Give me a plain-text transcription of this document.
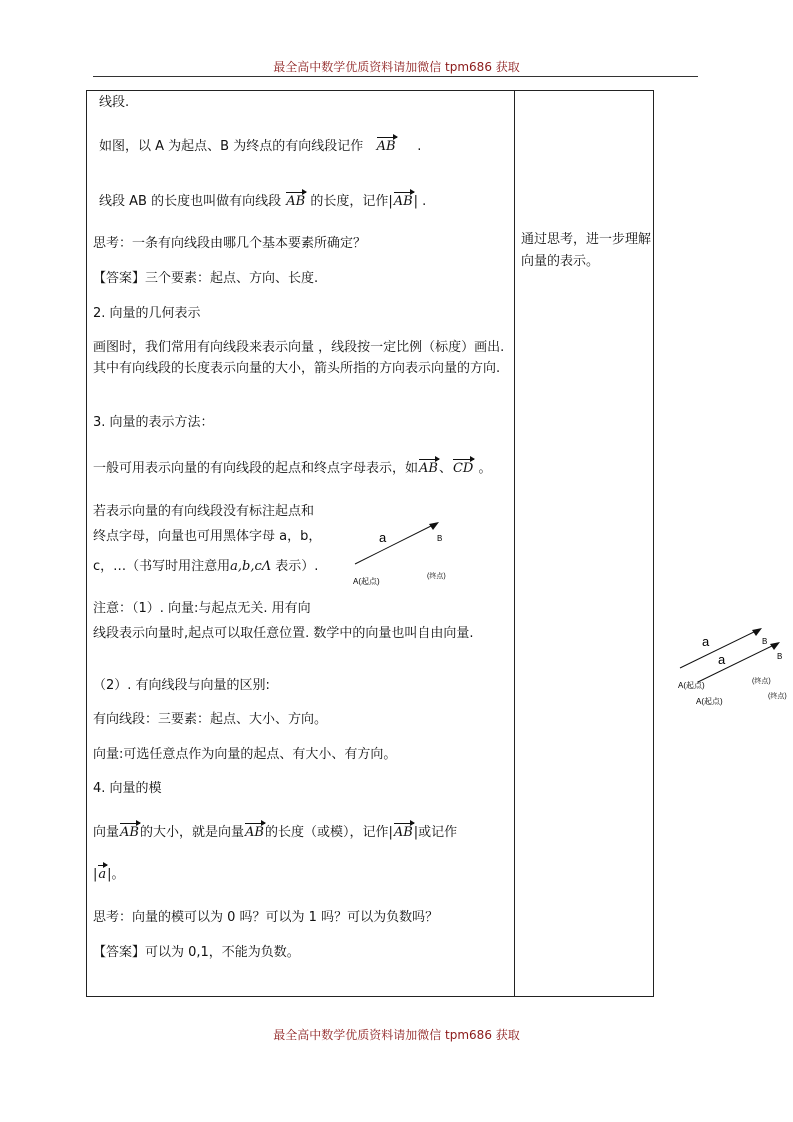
最全高中数学优质资料请加微信 tpm686 获取
线段.
如图，以 A 为起点、B 为终点的有向线段记作 AB .
线段 AB 的长度也叫做有向线段 AB 的长度，记作|AB| .
思考：一条有向线段由哪几个基本要素所确定？
【答案】三个要素：起点、方向、长度.
2. 向量的几何表示
画图时，我们常用有向线段来表示向量 ，线段按一定比例（标度）画出. 其中有向线段的长度表示向量的大小，箭头所指的方向表示向量的方向.
3. 向量的表示方法：
一般可用表示向量的有向线段的起点和终点字母表示，如AB、CD 。
若表示向量的有向线段没有标注起点和
终点字母，向量也可用黑体字母 a，b，
c，…（书写时用注意用a,b,cΛ 表示）.
a	B
A(起点)
(终点)
注意：（1）. 向量:与起点无关. 用有向
线段表示向量时,起点可以取任意位置. 数学中的向量也叫自由向量.
（2）. 有向线段与向量的区别:
有向线段：三要素：起点、大小、方向。
向量:可选任意点作为向量的起点、有大小、有方向。
4. 向量的模
向量AB的大小，就是向量AB的长度（或模），记作|AB|或记作
|a|。
思考：向量的模可以为 0 吗？可以为 1 吗？可以为负数吗？
【答案】可以为 0,1，不能为负数。
通过思考，进一步理解向量的表示。
a
a
B
B
A(起点)
A(起点)
(终点)
(终点)
最全高中数学优质资料请加微信 tpm686 获取
